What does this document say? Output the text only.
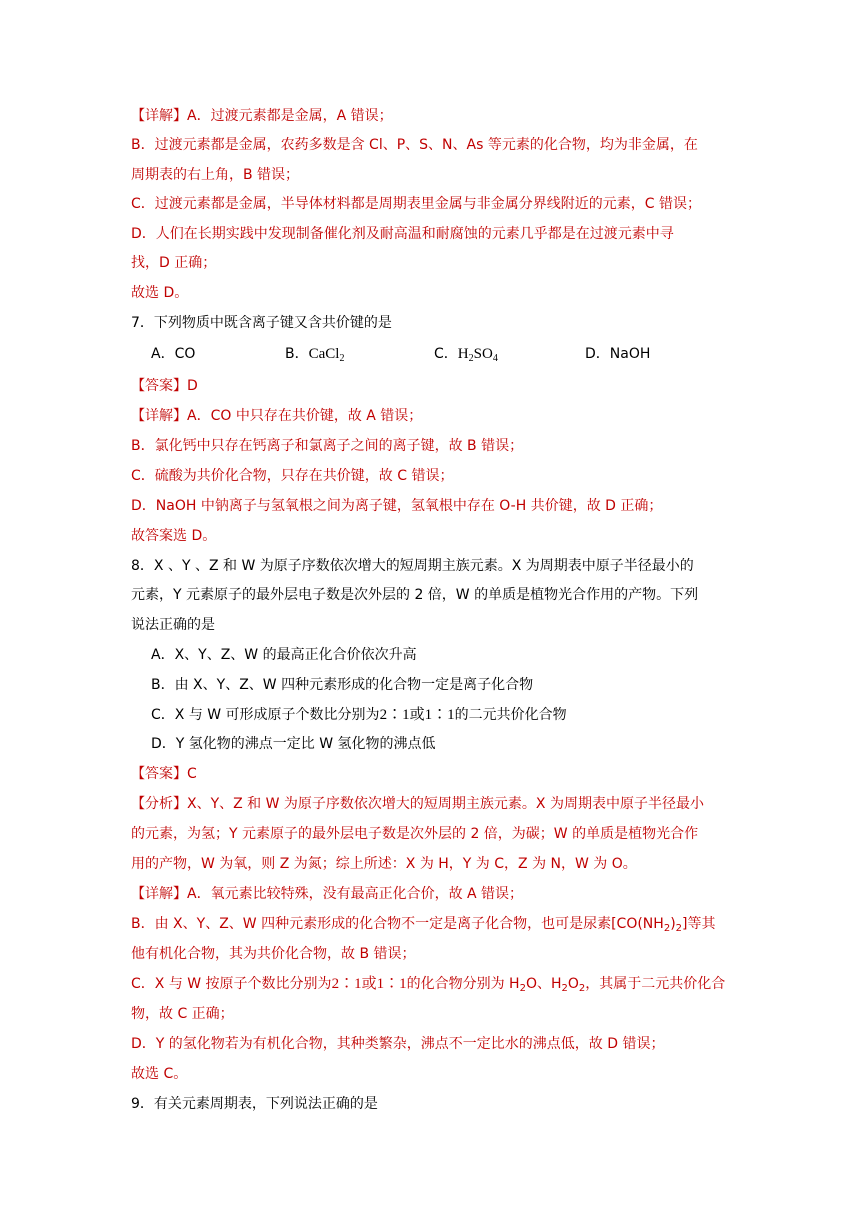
【详解】A．过渡元素都是金属，A 错误；
B．过渡元素都是金属，农药多数是含 Cl、P、S、N、As 等元素的化合物，均为非金属，在
周期表的右上角，B 错误；
C．过渡元素都是金属，半导体材料都是周期表里金属与非金属分界线附近的元素，C 错误；
D．人们在长期实践中发现制备催化剂及耐高温和耐腐蚀的元素几乎都是在过渡元素中寻
找，D 正确；
故选 D。
7．下列物质中既含离子键又含共价键的是
A．CO	B．CaCl$_2$	C．$H_2SO_4$	D．NaOH
【答案】D
【详解】A．CO 中只存在共价键，故 A 错误；
B．氯化钙中只存在钙离子和氯离子之间的离子键，故 B 错误；
C．硫酸为共价化合物，只存在共价键，故 C 错误；
D．NaOH 中钠离子与氢氧根之间为离子键，氢氧根中存在 O-H 共价键，故 D 正确；
故答案选 D。
8．X 、Y 、Z 和 W 为原子序数依次增大的短周期主族元素。X 为周期表中原子半径最小的
元素，Y 元素原子的最外层电子数是次外层的 2 倍，W 的单质是植物光合作用的产物。下列
说法正确的是
A．X、Y、Z、W 的最高正化合价依次升高
B．由 X、Y、Z、W 四种元素形成的化合物一定是离子化合物
C．X 与 W 可形成原子个数比分别为2∶1或1∶1的二元共价化合物
D．Y 氢化物的沸点一定比 W 氢化物的沸点低
【答案】C
【分析】X、Y、Z 和 W 为原子序数依次增大的短周期主族元素。X 为周期表中原子半径最小
的元素，为氢；Y 元素原子的最外层电子数是次外层的 2 倍，为碳；W 的单质是植物光合作
用的产物，W 为氧，则 Z 为氮；综上所述：X 为 H，Y 为 C，Z 为 N，W 为 O。
【详解】A．氧元素比较特殊，没有最高正化合价，故 A 错误；
B．由 X、Y、Z、W 四种元素形成的化合物不一定是离子化合物，也可是尿素$[CO(NH_2)_2]$等其
他有机化合物，其为共价化合物，故 B 错误；
C．X 与 W 按原子个数比分别为2∶1或1∶1的化合物分别为 $H_2O$、$H_2O_2$，其属于二元共价化合
物，故 C 正确；
D．Y 的氢化物若为有机化合物，其种类繁杂，沸点不一定比水的沸点低，故 D 错误；
故选 C。
9．有关元素周期表，下列说法正确的是
